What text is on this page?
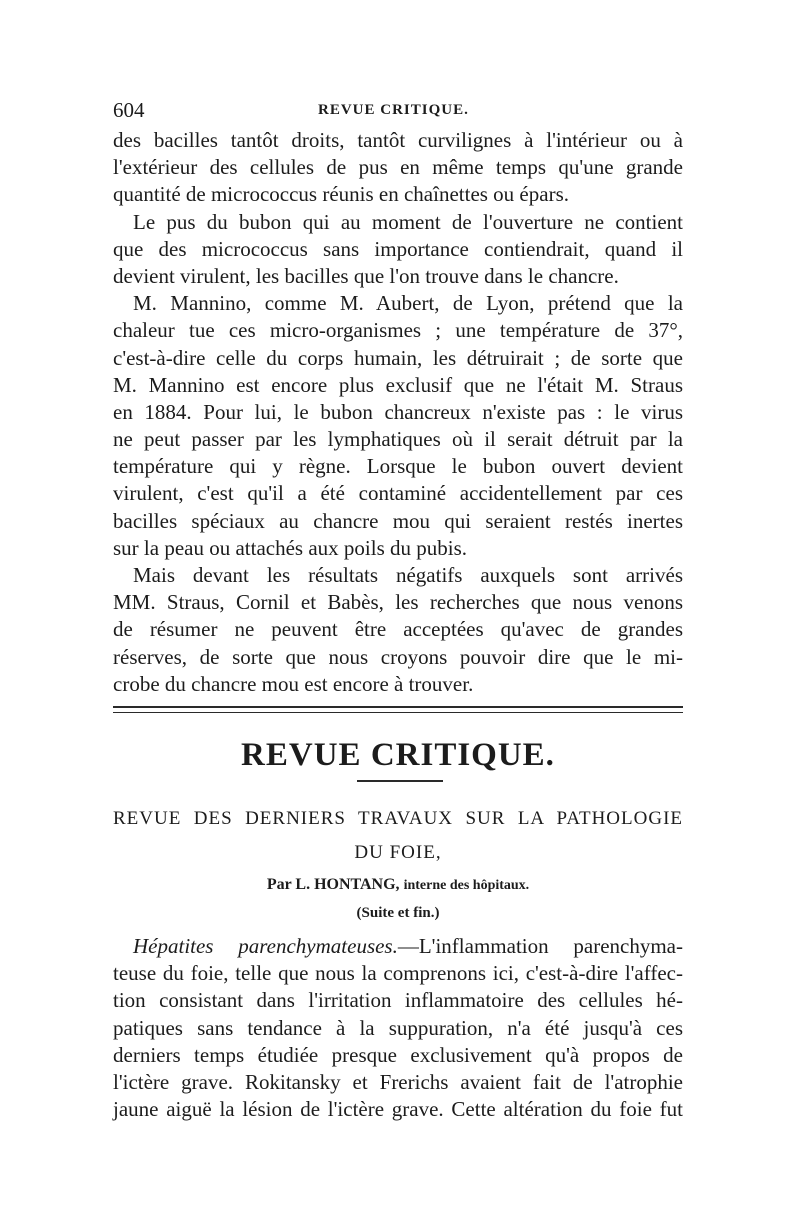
604	REVUE CRITIQUE.
des bacilles tantôt droits, tantôt curvilignes à l'intérieur ou à
l'extérieur des cellules de pus en même temps qu'une grande
quantité de micrococcus réunis en chaînettes ou épars.
Le pus du bubon qui au moment de l'ouverture ne contient
que des micrococcus sans importance contiendrait, quand il
devient virulent, les bacilles que l'on trouve dans le chancre.
M. Mannino, comme M. Aubert, de Lyon, prétend que la
chaleur tue ces micro-organismes ; une température de 37°,
c'est-à-dire celle du corps humain, les détruirait ; de sorte que
M. Mannino est encore plus exclusif que ne l'était M. Straus
en 1884. Pour lui, le bubon chancreux n'existe pas : le virus
ne peut passer par les lymphatiques où il serait détruit par la
température qui y règne. Lorsque le bubon ouvert devient
virulent, c'est qu'il a été contaminé accidentellement par ces
bacilles spéciaux au chancre mou qui seraient restés inertes
sur la peau ou attachés aux poils du pubis.
Mais devant les résultats négatifs auxquels sont arrivés
MM. Straus, Cornil et Babès, les recherches que nous venons
de résumer ne peuvent être acceptées qu'avec de grandes
réserves, de sorte que nous croyons pouvoir dire que le mi-
crobe du chancre mou est encore à trouver.
REVUE CRITIQUE.
REVUE DES DERNIERS TRAVAUX SUR LA PATHOLOGIE
DU FOIE,
Par L. HONTANG, interne des hôpitaux.
(Suite et fin.)
Hépatites parenchymateuses.—L'inflammation parenchyma-
teuse du foie, telle que nous la comprenons ici, c'est-à-dire l'affec-
tion consistant dans l'irritation inflammatoire des cellules hé-
patiques sans tendance à la suppuration, n'a été jusqu'à ces
derniers temps étudiée presque exclusivement qu'à propos de
l'ictère grave. Rokitansky et Frerichs avaient fait de l'atrophie
jaune aiguë la lésion de l'ictère grave. Cette altération du foie fut
